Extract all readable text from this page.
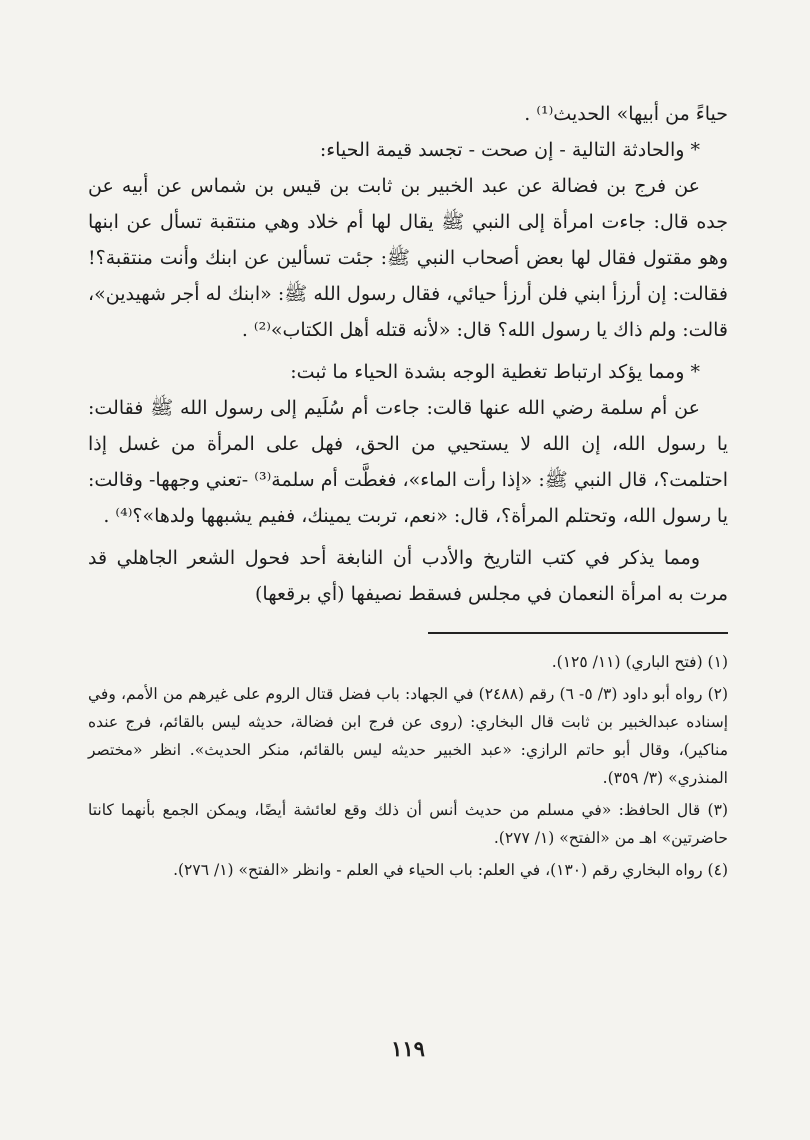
حياءً من أبيها» الحديث⁽¹⁾ .

* والحادثة التالية - إن صحت - تجسد قيمة الحياء:

عن فرج بن فضالة عن عبد الخبير بن ثابت بن قيس بن شماس عن أبيه عن جده قال: جاءت امرأة إلى النبي ﷺ يقال لها أم خلاد وهي منتقبة تسأل عن ابنها وهو مقتول فقال لها بعض أصحاب النبي ﷺ: جئت تسألين عن ابنك وأنت منتقبة؟! فقالت: إن أرزأ ابني فلن أرزأ حيائي، فقال رسول الله ﷺ: «ابنك له أجر شهيدين»، قالت: ولم ذاك يا رسول الله؟ قال: «لأنه قتله أهل الكتاب»⁽²⁾ .

* ومما يؤكد ارتباط تغطية الوجه بشدة الحياء ما ثبت:

عن أم سلمة رضي الله عنها قالت: جاءت أم سُلَيم إلى رسول الله ﷺ فقالت: يا رسول الله، إن الله لا يستحيي من الحق، فهل على المرأة من غسل إذا احتلمت؟، قال النبي ﷺ: «إذا رأت الماء»، فغطَّت أم سلمة⁽³⁾ -تعني وجهها- وقالت: يا رسول الله، وتحتلم المرأة؟، قال: «نعم، تربت يمينك، ففيم يشبهها ولدها»؟⁽⁴⁾ .

ومما يذكر في كتب التاريخ والأدب أن النابغة أحد فحول الشعر الجاهلي قد مرت به امرأة النعمان في مجلس فسقط نصيفها (أي برقعها)

(١) (فتح الباري) (١١/ ١٢٥).

(٢) رواه أبو داود (٣/ ٥- ٦) رقم (٢٤٨٨) في الجهاد: باب فضل قتال الروم على غيرهم من الأمم، وفي إسناده عبدالخبير بن ثابت قال البخاري: (روى عن فرج ابن فضالة، حديثه ليس بالقائم، فرج عنده مناكير)، وقال أبو حاتم الرازي: «عبد الخبير حديثه ليس بالقائم، منكر الحديث». انظر «مختصر المنذري» (٣/ ٣٥٩).

(٣) قال الحافظ: «في مسلم من حديث أنس أن ذلك وقع لعائشة أيضًا، ويمكن الجمع بأنهما كانتا حاضرتين» اهـ من «الفتح» (١/ ٢٧٧).

(٤) رواه البخاري رقم (١٣٠)، في العلم: باب الحياء في العلم - وانظر «الفتح» (١/ ٢٧٦).

١١٩
